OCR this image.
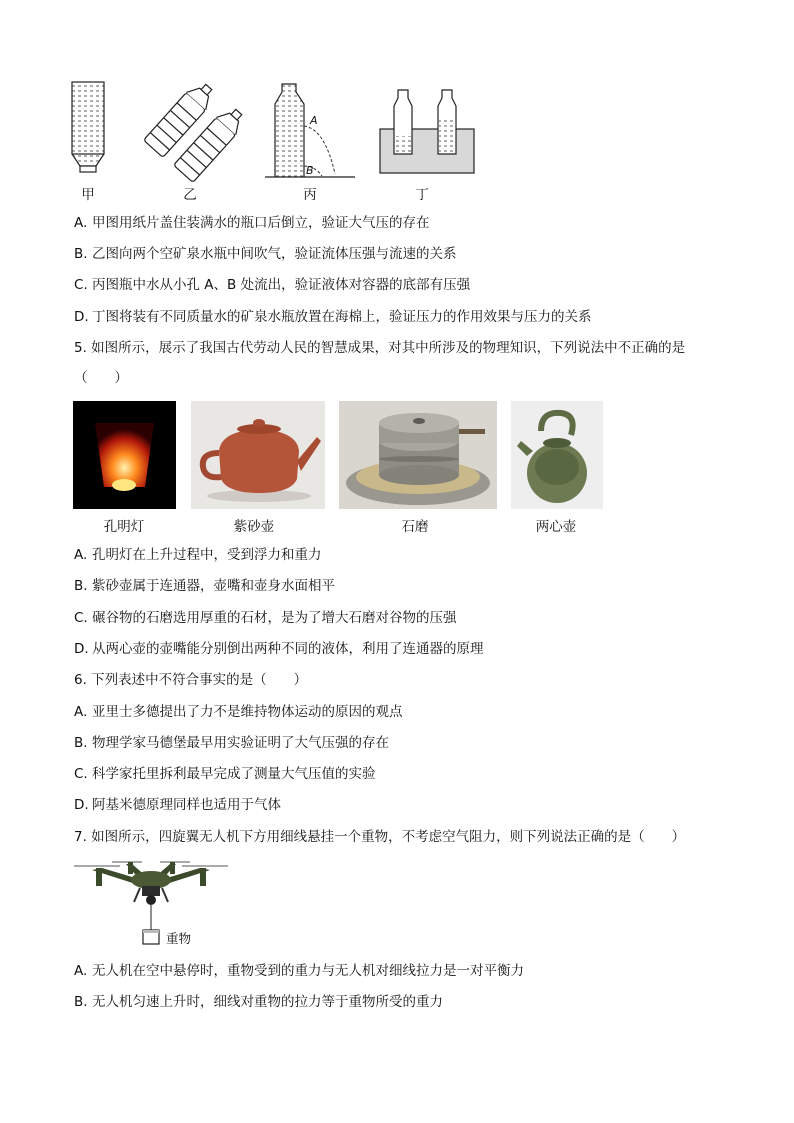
A
B
甲	乙	丙	丁
A. 甲图用纸片盖住装满水的瓶口后倒立，验证大气压的存在
B. 乙图向两个空矿泉水瓶中间吹气，验证流体压强与流速的关系
C. 丙图瓶中水从小孔 A、B 处流出，验证液体对容器的底部有压强
D. 丁图将装有不同质量水的矿泉水瓶放置在海棉上，验证压力的作用效果与压力的关系
5. 如图所示，展示了我国古代劳动人民的智慧成果，对其中所涉及的物理知识，下列说法中不正确的是
（　　）
孔明灯	紫砂壶	石磨	两心壶
A. 孔明灯在上升过程中，受到浮力和重力
B. 紫砂壶属于连通器，壶嘴和壶身水面相平
C. 碾谷物的石磨选用厚重的石材，是为了增大石磨对谷物的压强
D. 从两心壶的壶嘴能分别倒出两种不同的液体，利用了连通器的原理
6. 下列表述中不符合事实的是（　　）
A. 亚里士多德提出了力不是维持物体运动的原因的观点
B. 物理学家马德堡最早用实验证明了大气压强的存在
C. 科学家托里拆利最早完成了测量大气压值的实验
D. 阿基米德原理同样也适用于气体
7. 如图所示，四旋翼无人机下方用细线悬挂一个重物，不考虑空气阻力，则下列说法正确的是（　　）
重物
A. 无人机在空中悬停时，重物受到的重力与无人机对细线拉力是一对平衡力
B. 无人机匀速上升时，细线对重物的拉力等于重物所受的重力
